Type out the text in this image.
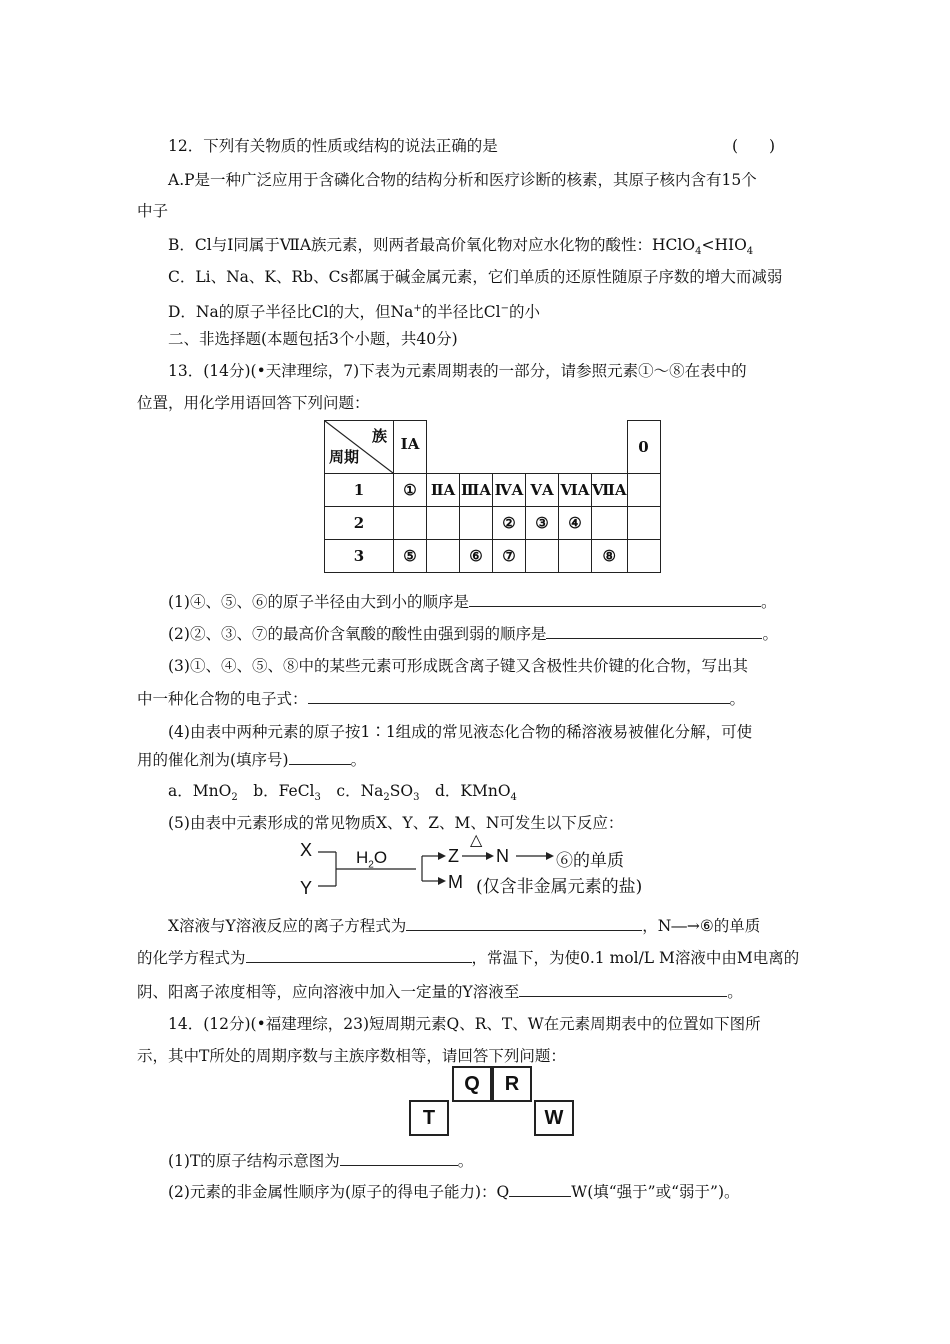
12．下列有关物质的性质或结构的说法正确的是	(　　)
A.P是一种广泛应用于含磷化合物的结构分析和医疗诊断的核素，其原子核内含有15个
中子
B．Cl与I同属于ⅦA族元素，则两者最高价氧化物对应水化物的酸性：$HClO_4<HIO_4$
C．Li、Na、K、Rb、Cs都属于碱金属元素，它们单质的还原性随原子序数的增大而减弱
D．Na的原子半径比Cl的大，但Na+的半径比Cl−的小
二、非选择题(本题包括3个小题，共40分)
13．(14分)(•天津理综，7)下表为元素周期表的一部分，请参照元素①～⑧在表中的
位置，用化学用语回答下列问题：
族
周期	ⅠA							0
1	①	ⅡA	ⅢA	ⅣA	ⅤA	ⅥA	ⅦA	
2				②	③	④		
3	⑤		⑥	⑦			⑧	
(1)④、⑤、⑥的原子半径由大到小的顺序是	。
(2)②、③、⑦的最高价含氧酸的酸性由强到弱的顺序是	。
(3)①、④、⑤、⑧中的某些元素可形成既含离子键又含极性共价键的化合物，写出其
中一种化合物的电子式：	。
(4)由表中两种元素的原子按1∶1组成的常见液态化合物的稀溶液易被催化分解，可使
用的催化剂为(填序号)	。
a．MnO$_2$　b．FeCl$_3$　c．$Na_2SO_3$　d．KMnO$_4$
(5)由表中元素形成的常见物质X、Y、Z、M、N可发生以下反应：
X
Y
$H_2O$	Z
△
N	⑥的单质
M (仅含非金属元素的盐)
X溶液与Y溶液反应的离子方程式为	，N―→⑥的单质
的化学方程式为	，常温下，为使0.1 mol/L M溶液中由M电离的
阴、阳离子浓度相等，应向溶液中加入一定量的Y溶液至	。
14．(12分)(•福建理综，23)短周期元素Q、R、T、W在元素周期表中的位置如下图所
示，其中T所处的周期序数与主族序数相等，请回答下列问题：
Q	R
T	W
(1)T的原子结构示意图为	。
(2)元素的非金属性顺序为(原子的得电子能力)：Q	W(填“强于”或“弱于”)。
